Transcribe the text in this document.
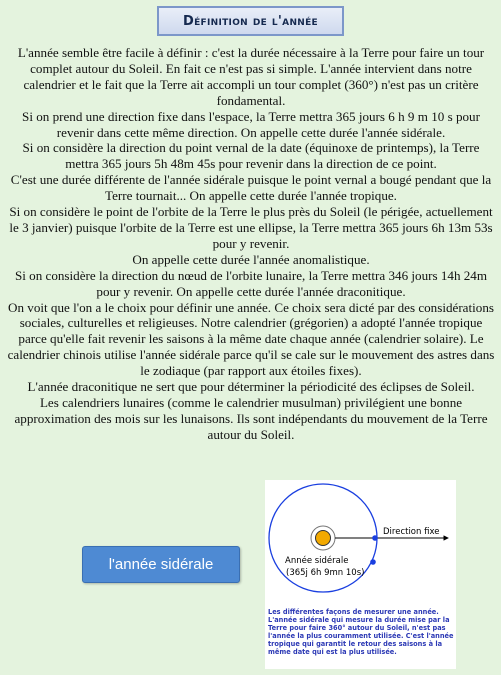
Définition de l'année

L'année semble être facile à définir : c'est la durée nécessaire à la Terre pour faire un tour complet autour du Soleil. En fait ce n'est pas si simple. L'année intervient dans notre calendrier et le fait que la Terre ait accompli un tour complet (360°) n'est pas un critère fondamental.

Si on prend une direction fixe dans l'espace, la Terre mettra 365 jours 6 h 9 m 10 s pour revenir dans cette même direction. On appelle cette durée l'année sidérale.

Si on considère la direction du point vernal de la date (équinoxe de printemps), la Terre mettra 365 jours 5h 48m 45s pour revenir dans la direction de ce point.

C'est une durée différente de l'année sidérale puisque le point vernal a bougé pendant que la Terre tournait... On appelle cette durée l'année tropique.

Si on considère le point de l'orbite de la Terre le plus près du Soleil (le périgée, actuellement le 3 janvier) puisque l'orbite de la Terre est une ellipse, la Terre mettra 365 jours 6h 13m 53s pour y revenir.

On appelle cette durée l'année anomalistique.

Si on considère la direction du nœud de l'orbite lunaire, la Terre mettra 346 jours 14h 24m pour y revenir. On appelle cette durée l'année draconitique.

On voit que l'on a le choix pour définir une année. Ce choix sera dicté par des considérations sociales, culturelles et religieuses. Notre calendrier (grégorien) a adopté l'année tropique parce qu'elle fait revenir les saisons à la même date chaque année (calendrier solaire). Le calendrier chinois utilise l'année sidérale parce qu'il se cale sur le mouvement des astres dans le zodiaque (par rapport aux étoiles fixes).

L'année draconitique ne sert que pour déterminer la périodicité des éclipses de Soleil.

Les calendriers lunaires (comme le calendrier musulman) privilégient une bonne approximation des mois sur les lunaisons. Ils sont indépendants du mouvement de la Terre autour du Soleil.

l'année sidérale
Direction fixe
Année sidérale
(365j 6h 9mn 10s)

Les différentes façons de mesurer une année. L'année sidérale qui mesure la durée mise par la Terre pour faire 360° autour du Soleil, n'est pas l'année la plus couramment utilisée. C'est l'année tropique qui garantit le retour des saisons à la même date qui est la plus utilisée.
